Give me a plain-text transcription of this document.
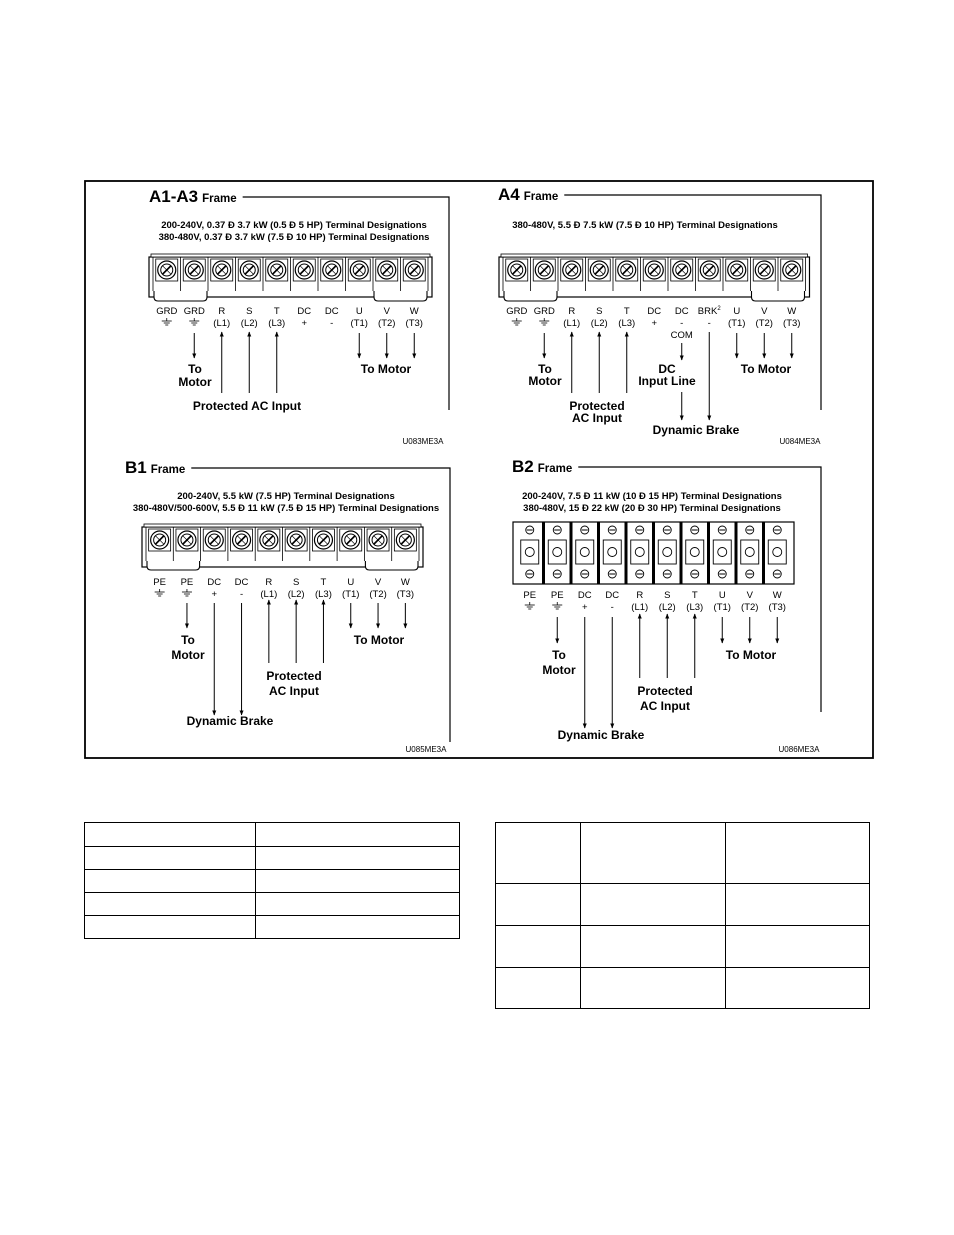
A1-A3 Frame
200-240V, 0.37 Ð 3.7 kW (0.5 Ð 5 HP) Terminal Designations
380-480V, 0.37 Ð 3.7 kW (7.5 Ð 10 HP) Terminal Designations
GRD GRD R
(L1)
S
(L2)
T
(L3)
DC
+
DC
-
U
(T1)
V
(T2)
W
(T3)
To
Motor
To Motor
Protected AC Input
U083ME3A
A4 Frame
380-480V, 5.5 Ð 7.5 kW (7.5 Ð 10 HP) Terminal Designations
GRD GRD R
(L1)
S
(L2)
T
(L3)
DC
+
DC
-
COM
BRK$^2$
-
U
(T1)
V
(T2)
W
(T3)
To
Motor
DC
Input Line
To Motor
Protected
AC Input
Dynamic Brake
U084ME3A
B1 Frame
200-240V, 5.5 kW (7.5 HP) Terminal Designations
380-480V/500-600V, 5.5 Ð 11 kW (7.5 Ð 15 HP) Terminal Designations
PE PE DC
+
DC
-
R
(L1)
S
(L2)
T
(L3)
U
(T1)
V
(T2)
W
(T3)
To
Motor
To Motor
Protected
AC Input
Dynamic Brake
U085ME3A
B2 Frame
200-240V, 7.5 Ð 11 kW (10 Ð 15 HP) Terminal Designations
380-480V, 15 Ð 22 kW (20 Ð 30 HP) Terminal Designations
PE PE DC
+
DC
-
R
(L1)
S
(L2)
T
(L3)
U
(T1)
V
(T2)
W
(T3)
To
Motor
To Motor
Protected
AC Input
Dynamic Brake
U086ME3A
